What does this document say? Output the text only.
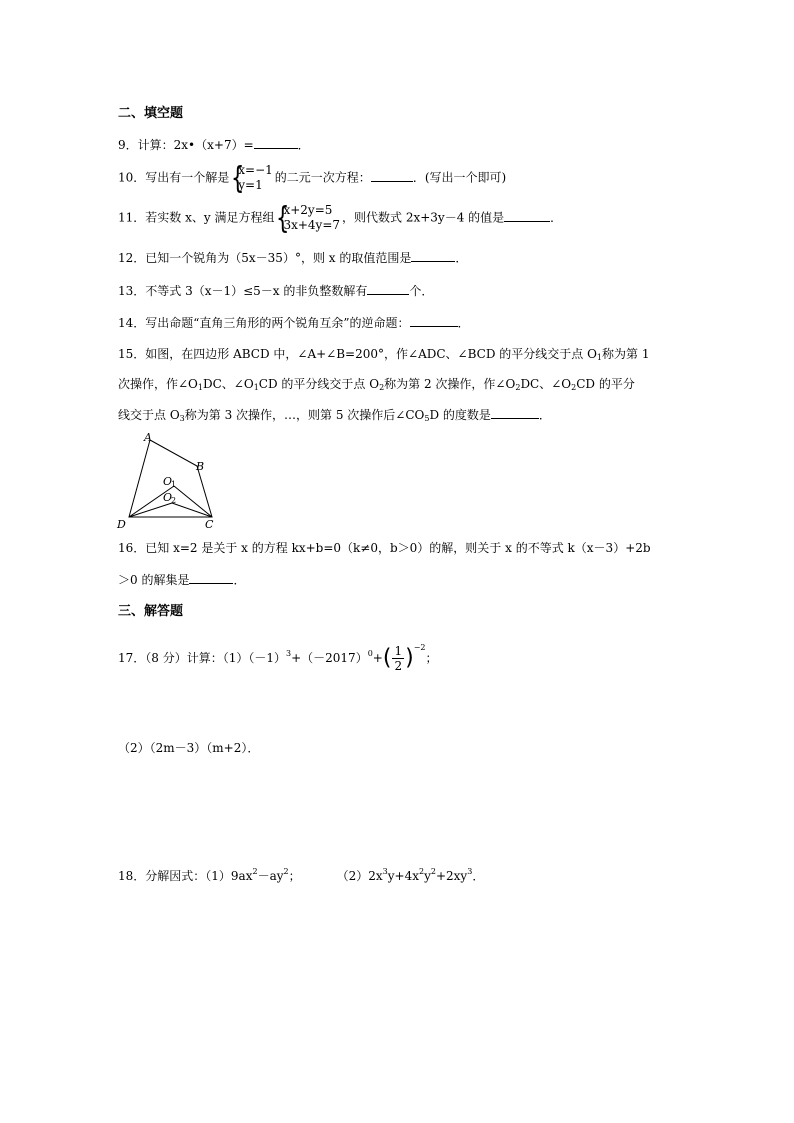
二、填空题
9．计算：2x•（x+7）=	．
10．写出有一个解是 {
x=−1
y=1
的二元一次方程：	．(写出一个即可)
11．若实数 x、y 满足方程组 {
x+2y=5
3x+4y=7
，则代数式 2x+3y－4 的值是	．
12．已知一个锐角为（5x－35）°，则 x 的取值范围是	．
13．不等式 3（x－1）≤5－x 的非负整数解有	个．
14．写出命题“直角三角形的两个锐角互余”的逆命题：	．
15．如图，在四边形 ABCD 中，∠A+∠B=200°，作∠ADC、∠BCD 的平分线交于点 $O_1$称为第 1
次操作，作$\angle O_1DC$、$\angle O_1CD$ 的平分线交于点 $O_2$称为第 2 次操作，作$\angle O_2DC$、$\angle O_2CD$ 的平分
线交于点 $O_3$称为第 3 次操作，…，则第 5 次操作后$\angle CO_5D$ 的度数是	．
A
B
C
D
O
1
O
2
16．已知 x=2 是关于 x 的方程 kx+b=0（k≠0，b＞0）的解，则关于 x 的不等式 k（x－3）+2b
＞0 的解集是	．
三、解答题
17．（8 分）计算：$(1)(-1)^3+(-2017)^0+( \frac{1}{2} )^{-2}$；
（2）（2m－3）（m+2）．
18．分解因式：$(1)9ax^2-ay^2$；	$(2)2x^3y+4x^2y^2+2xy^3$．
